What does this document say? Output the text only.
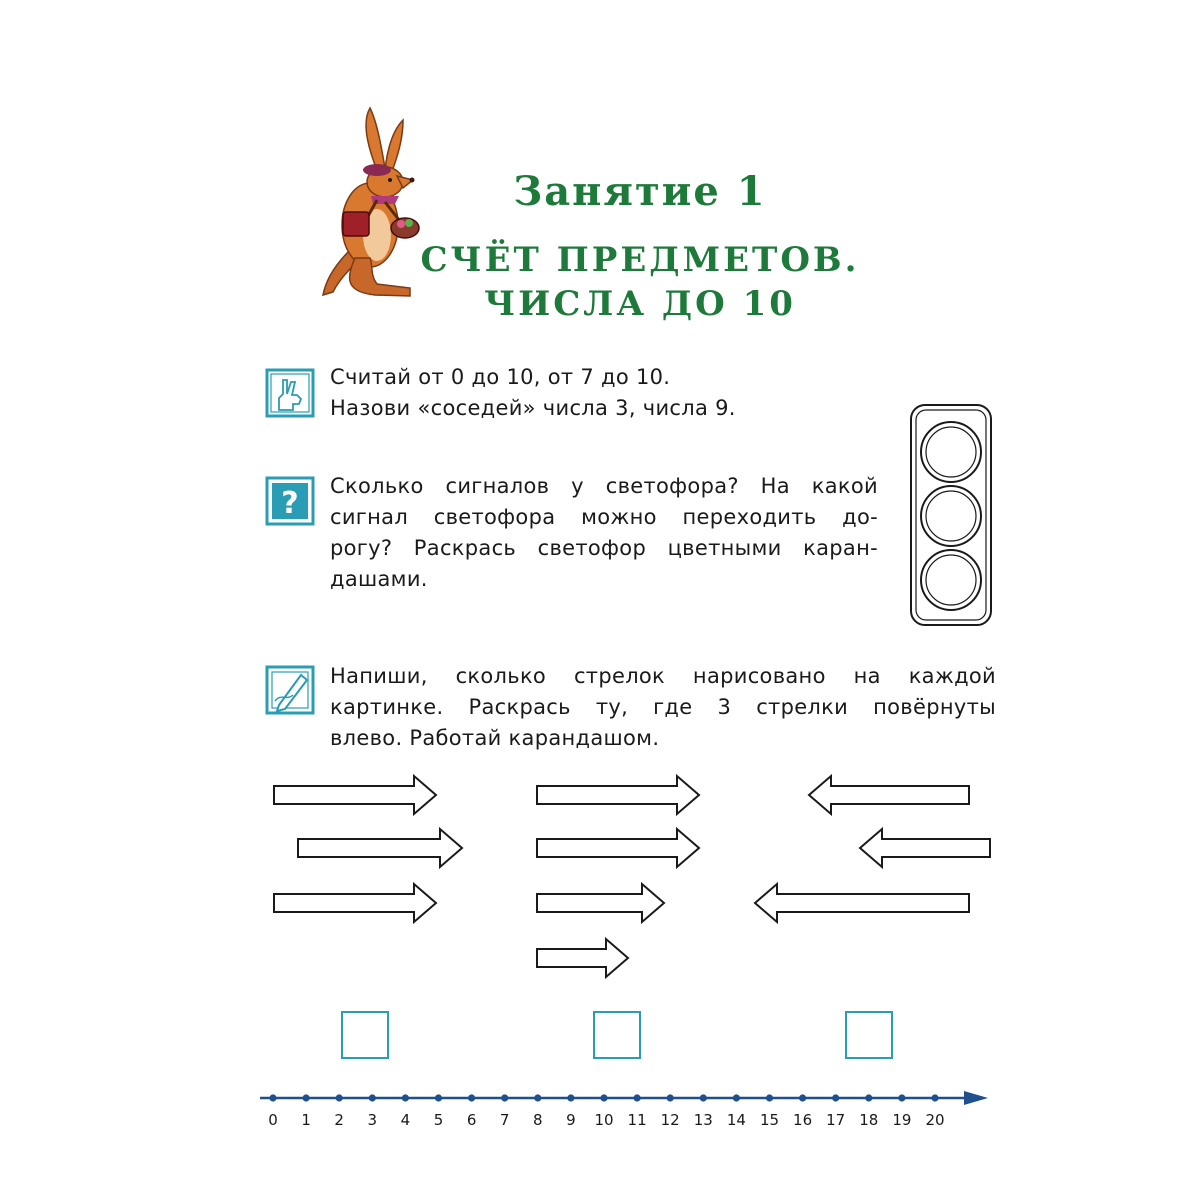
Занятие 1
СЧЁТ ПРЕДМЕТОВ.
ЧИСЛА ДО 10
Считай от 0 до 10, от 7 до 10.
Назови «соседей» числа 3, числа 9.
? Сколько сигналов у светофора? На какой
сигнал светофора можно переходить до-
рогу? Раскрась светофор цветными каран-
дашами.
Напиши, сколько стрелок нарисовано на каждой
картинке. Раскрась ту, где 3 стрелки повёрнуты
влево. Работай карандашом.
0	1	2	3	4	5	6	7	8	9	10 11 12 13 14 15 16 17 18 19 20
